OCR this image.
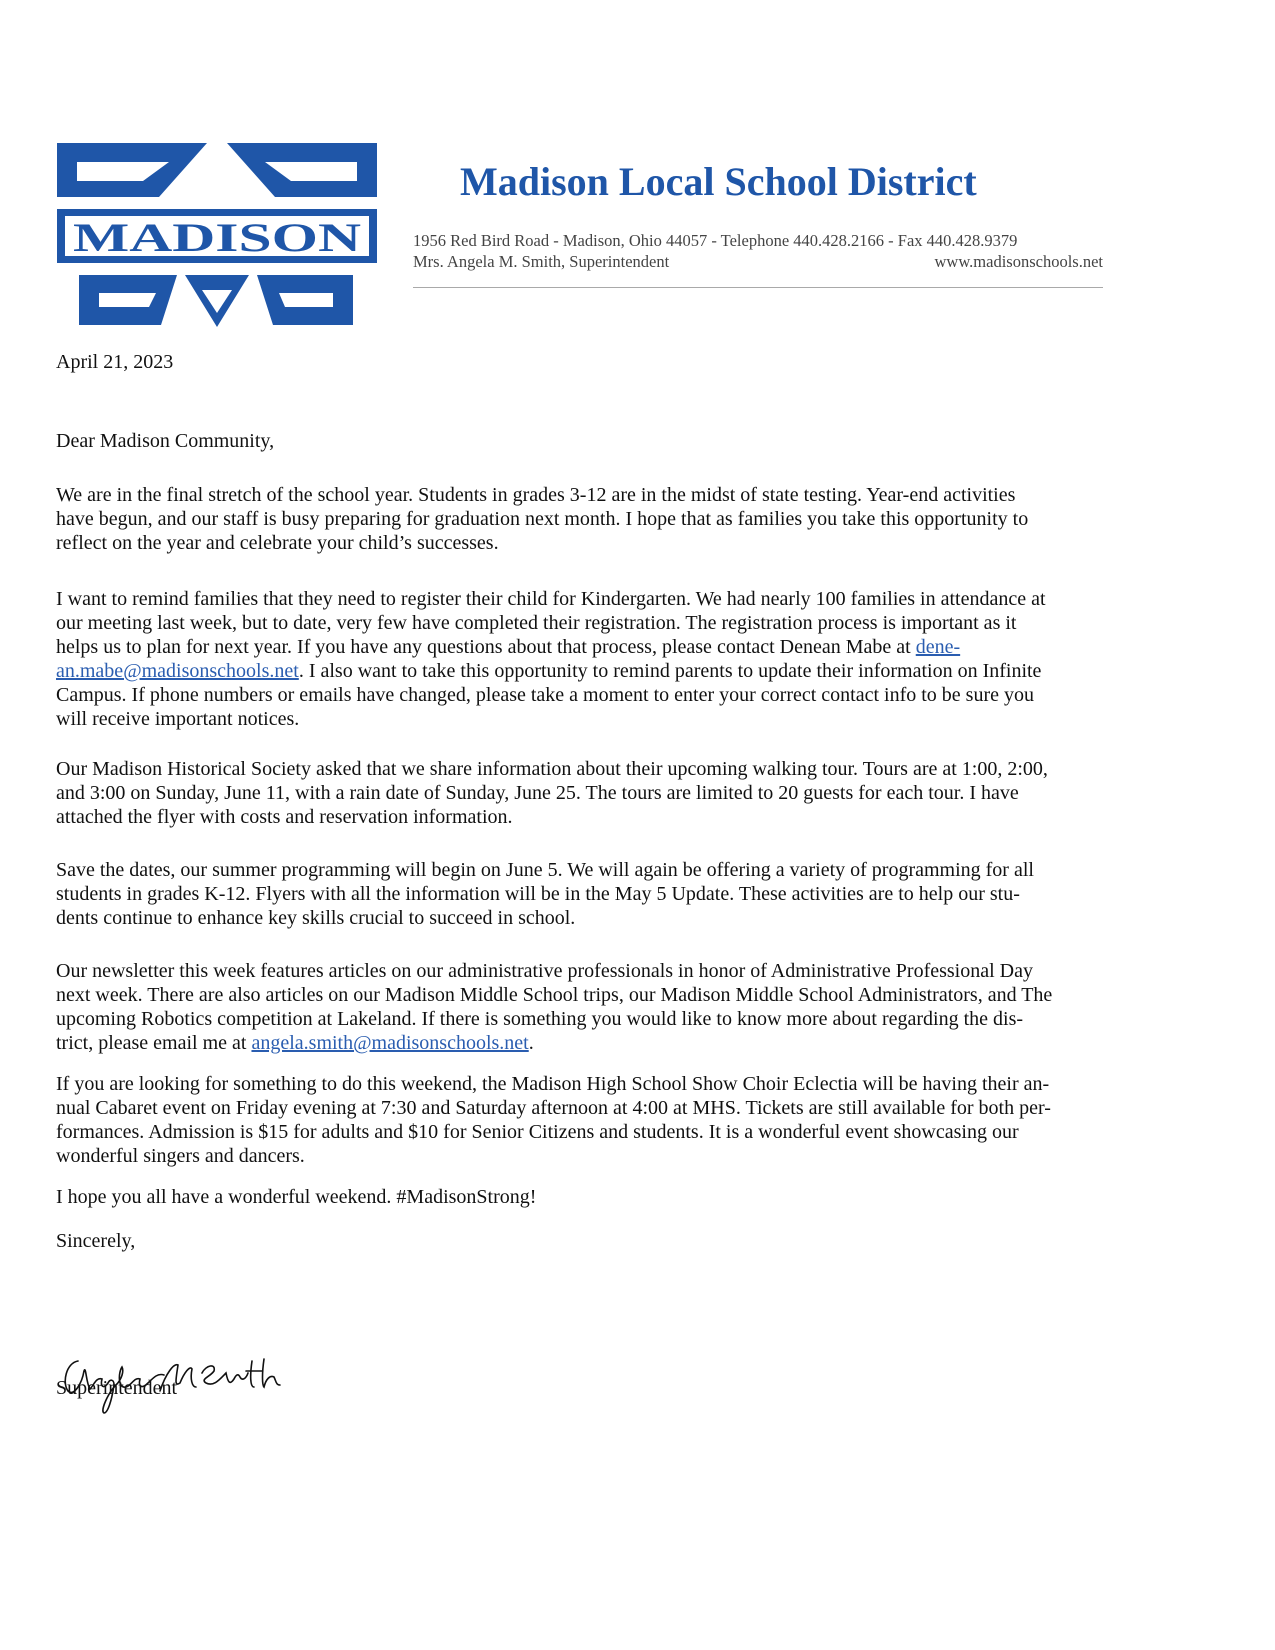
MADISON
Madison Local School District
1956 Red Bird Road - Madison, Ohio 44057 - Telephone 440.428.2166 - Fax 440.428.9379
Mrs. Angela M. Smith, Superintendent	www.madisonschools.net
April 21, 2023
Dear Madison Community,
We are in the final stretch of the school year. Students in grades 3-12 are in the midst of state testing. Year-end activities
have begun, and our staff is busy preparing for graduation next month. I hope that as families you take this opportunity to
reflect on the year and celebrate your child’s successes.
I want to remind families that they need to register their child for Kindergarten. We had nearly 100 families in attendance at
our meeting last week, but to date, very few have completed their registration. The registration process is important as it
helps us to plan for next year. If you have any questions about that process, please contact Denean Mabe at dene-
an.mabe@madisonschools.net. I also want to take this opportunity to remind parents to update their information on Infinite
Campus. If phone numbers or emails have changed, please take a moment to enter your correct contact info to be sure you
will receive important notices.
Our Madison Historical Society asked that we share information about their upcoming walking tour. Tours are at 1:00, 2:00,
and 3:00 on Sunday, June 11, with a rain date of Sunday, June 25. The tours are limited to 20 guests for each tour. I have
attached the flyer with costs and reservation information.
Save the dates, our summer programming will begin on June 5. We will again be offering a variety of programming for all
students in grades K-12. Flyers with all the information will be in the May 5 Update. These activities are to help our stu-
dents continue to enhance key skills crucial to succeed in school.
Our newsletter this week features articles on our administrative professionals in honor of Administrative Professional Day
next week. There are also articles on our Madison Middle School trips, our Madison Middle School Administrators, and The
upcoming Robotics competition at Lakeland. If there is something you would like to know more about regarding the dis-
trict, please email me at angela.smith@madisonschools.net.
If you are looking for something to do this weekend, the Madison High School Show Choir Eclectia will be having their an-
nual Cabaret event on Friday evening at 7:30 and Saturday afternoon at 4:00 at MHS. Tickets are still available for both per-
formances. Admission is $15 for adults and $10 for Senior Citizens and students. It is a wonderful event showcasing our
wonderful singers and dancers.
I hope you all have a wonderful weekend. #MadisonStrong!
Sincerely,
Superintendent
